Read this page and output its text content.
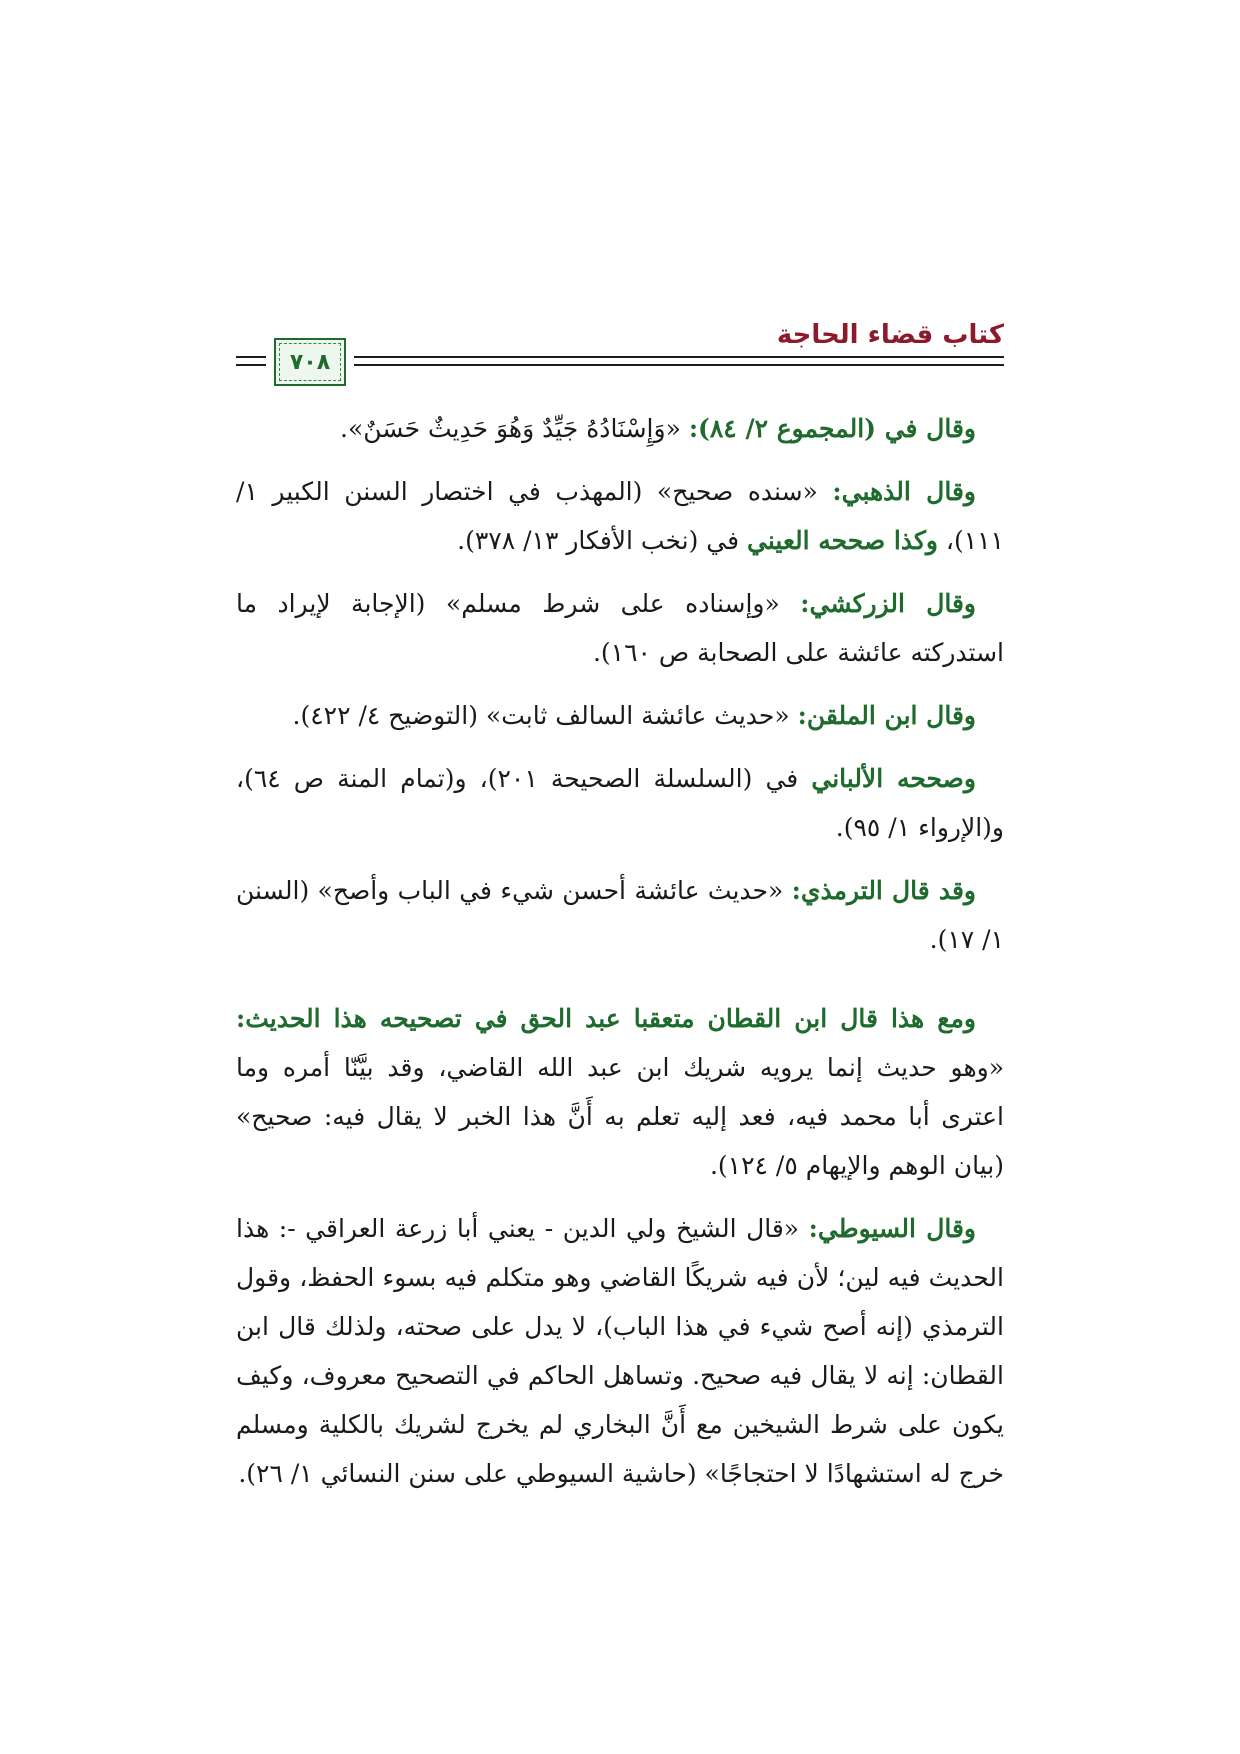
كتاب قضاء الحاجة
٧٠٨

وقال في (المجموع ٢/ ٨٤): «وَإِسْنَادُهُ جَيِّدٌ وَهُوَ حَدِيثٌ حَسَنٌ».

وقال الذهبي: «سنده صحيح» (المهذب في اختصار السنن الكبير ١/ ١١١)، وكذا صححه العيني في (نخب الأفكار ١٣/ ٣٧٨).

وقال الزركشي: «وإسناده على شرط مسلم» (الإجابة لإيراد ما استدركته عائشة على الصحابة ص ١٦٠).

وقال ابن الملقن: «حديث عائشة السالف ثابت» (التوضيح ٤/ ٤٢٢).

وصححه الألباني في (السلسلة الصحيحة ٢٠١)، و(تمام المنة ص ٦٤)، و(الإرواء ١/ ٩٥).

وقد قال الترمذي: «حديث عائشة أحسن شيء في الباب وأصح» (السنن ١/ ١٧).

ومع هذا قال ابن القطان متعقبا عبد الحق في تصحيحه هذا الحديث: «وهو حديث إنما يرويه شريك ابن عبد الله القاضي، وقد بيَّنّا أمره وما اعترى أبا محمد فيه، فعد إليه تعلم به أَنَّ هذا الخبر لا يقال فيه: صحيح» (بيان الوهم والإيهام ٥/ ١٢٤).

وقال السيوطي: «قال الشيخ ولي الدين - يعني أبا زرعة العراقي -: هذا الحديث فيه لين؛ لأن فيه شريكًا القاضي وهو متكلم فيه بسوء الحفظ، وقول الترمذي (إنه أصح شيء في هذا الباب)، لا يدل على صحته، ولذلك قال ابن القطان: إنه لا يقال فيه صحيح. وتساهل الحاكم في التصحيح معروف، وكيف يكون على شرط الشيخين مع أَنَّ البخاري لم يخرج لشريك بالكلية ومسلم خرج له استشهادًا لا احتجاجًا» (حاشية السيوطي على سنن النسائي ١/ ٢٦).
